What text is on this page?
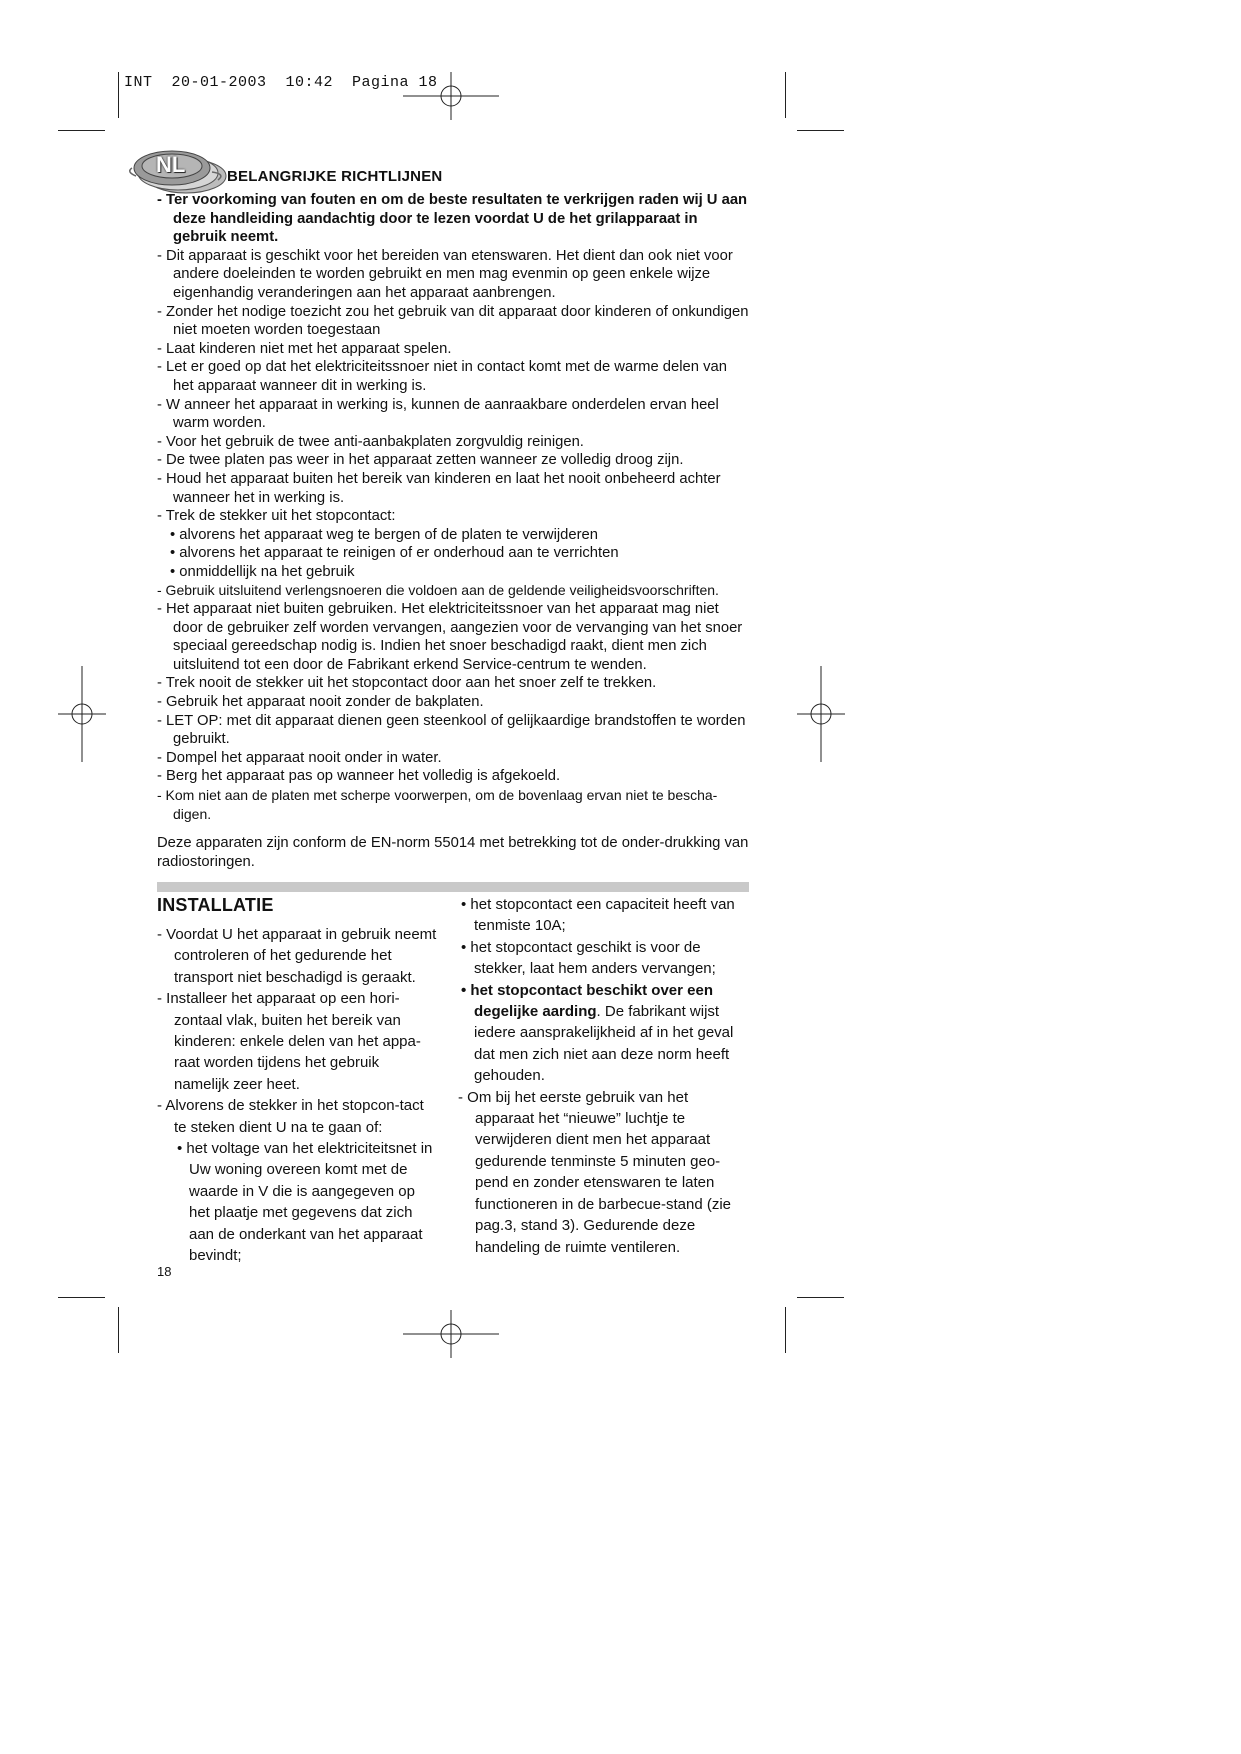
INT  20-01-2003  10:42  Pagina 18
NL	BELANGRIJKE RICHTLIJNEN

- Ter voorkoming van fouten en om de beste resultaten te verkrijgen raden wij U aan deze handleiding aandachtig door te lezen voordat U de het grilapparaat in gebruik neemt.

- Dit apparaat is geschikt voor het bereiden van etenswaren. Het dient dan ook niet voor andere doeleinden te worden gebruikt en men mag evenmin op geen enkele wijze eigenhandig veranderingen aan het apparaat aanbrengen.

- Zonder het nodige toezicht zou het gebruik van dit apparaat door kinderen of onkundigen niet moeten worden toegestaan

- Laat kinderen niet met het apparaat spelen.

- Let er goed op dat het elektriciteitssnoer niet in contact komt met de warme delen van het apparaat wanneer dit in werking is.

- W anneer het apparaat in werking is, kunnen de aanraakbare onderdelen ervan heel warm worden.

- Voor het gebruik de twee anti-aanbakplaten zorgvuldig reinigen.

- De twee platen pas weer in het apparaat zetten wanneer ze volledig droog zijn.

- Houd het apparaat buiten het bereik van kinderen en laat het nooit onbeheerd achter wanneer het in werking is.

- Trek de stekker uit het stopcontact:

• alvorens het apparaat weg te bergen of de platen te verwijderen
• alvorens het apparaat te reinigen of er onderhoud aan te verrichten
• onmiddellijk na het gebruik

- Gebruik uitsluitend verlengsnoeren die voldoen aan de geldende veiligheidsvoorschriften.

- Het apparaat niet buiten gebruiken. Het elektriciteitssnoer van het apparaat mag niet door de gebruiker zelf worden vervangen, aangezien voor de vervanging van het snoer speciaal gereedschap nodig is. Indien het snoer beschadigd raakt, dient men zich uitsluitend tot een door de Fabrikant erkend Service-centrum te wenden.

- Trek nooit de stekker uit het stopcontact door aan het snoer zelf te trekken.

- Gebruik het apparaat nooit zonder de bakplaten.

- LET OP: met dit apparaat dienen geen steenkool of gelijkaardige brandstoffen te worden gebruikt.

- Dompel het apparaat nooit onder in water.

- Berg het apparaat pas op wanneer het volledig is afgekoeld.

- Kom niet aan de platen met scherpe voorwerpen, om de bovenlaag ervan niet te bescha-digen.

Deze apparaten zijn conform de EN-norm 55014 met betrekking tot de onder-drukking van radiostoringen.

INSTALLATIE

- Voordat U het apparaat in gebruik neemt controleren of het gedurende het transport niet beschadigd is geraakt.

- Installeer het apparaat op een hori-zontaal vlak, buiten het bereik van kinderen: enkele delen van het appa-raat worden tijdens het gebruik namelijk zeer heet.

- Alvorens de stekker in het stopcon-tact te steken dient U na te gaan of:

• het voltage van het elektriciteitsnet in Uw woning overeen komt met de waarde in V die is aangegeven op het plaatje met gegevens dat zich aan de onderkant van het apparaat bevindt;
• het stopcontact een capaciteit heeft van tenmiste 10A;
• het stopcontact geschikt is voor de stekker, laat hem anders vervangen;
• het stopcontact beschikt over een degelijke aarding. De fabrikant wijst iedere aansprakelijkheid af in het geval dat men zich niet aan deze norm heeft gehouden.

- Om bij het eerste gebruik van het apparaat het “nieuwe” luchtje te verwijderen dient men het apparaat gedurende tenminste 5 minuten geo-pend en zonder etenswaren te laten functioneren in de barbecue-stand (zie pag.3, stand 3). Gedurende deze handeling de ruimte ventileren.

18
